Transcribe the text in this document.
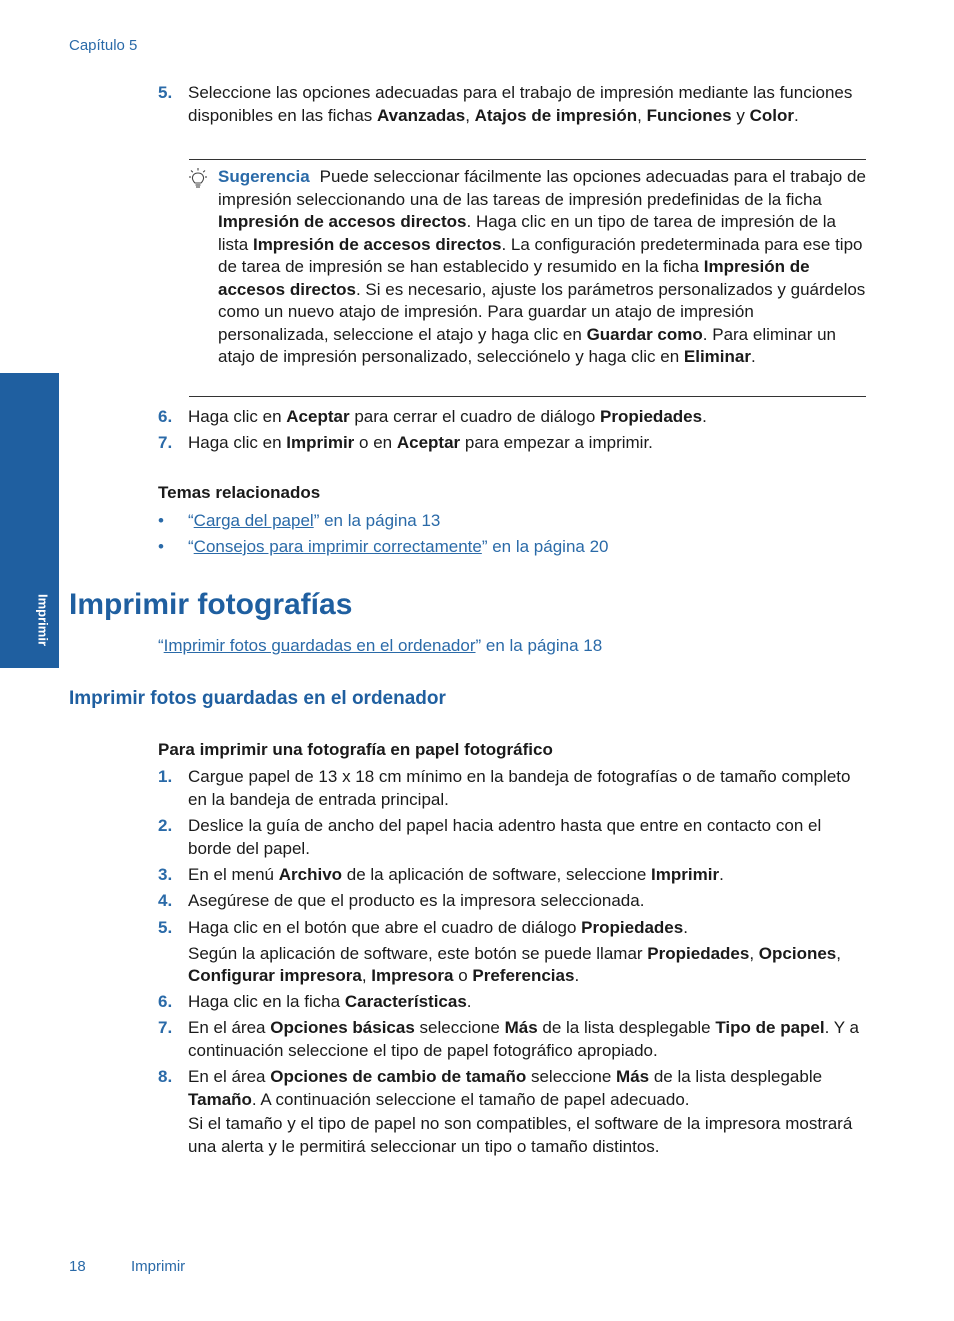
Capítulo 5
Imprimir
5. Seleccione las opciones adecuadas para el trabajo de impresión mediante las funciones disponibles en las fichas Avanzadas, Atajos de impresión, Funciones y Color.
Sugerencia Puede seleccionar fácilmente las opciones adecuadas para el trabajo de impresión seleccionando una de las tareas de impresión predefinidas de la ficha Impresión de accesos directos. Haga clic en un tipo de tarea de impresión de la lista Impresión de accesos directos. La configuración predeterminada para ese tipo de tarea de impresión se han establecido y resumido en la ficha Impresión de accesos directos. Si es necesario, ajuste los parámetros personalizados y guárdelos como un nuevo atajo de impresión. Para guardar un atajo de impresión personalizada, seleccione el atajo y haga clic en Guardar como. Para eliminar un atajo de impresión personalizado, selecciónelo y haga clic en Eliminar.
6. Haga clic en Aceptar para cerrar el cuadro de diálogo Propiedades.
7. Haga clic en Imprimir o en Aceptar para empezar a imprimir.
Temas relacionados
• “Carga del papel” en la página 13
• “Consejos para imprimir correctamente” en la página 20
Imprimir fotografías
“Imprimir fotos guardadas en el ordenador” en la página 18
Imprimir fotos guardadas en el ordenador
Para imprimir una fotografía en papel fotográfico
1. Cargue papel de 13 x 18 cm mínimo en la bandeja de fotografías o de tamaño completo en la bandeja de entrada principal.
2. Deslice la guía de ancho del papel hacia adentro hasta que entre en contacto con el borde del papel.
3. En el menú Archivo de la aplicación de software, seleccione Imprimir.
4. Asegúrese de que el producto es la impresora seleccionada.
5. Haga clic en el botón que abre el cuadro de diálogo Propiedades.
Según la aplicación de software, este botón se puede llamar Propiedades, Opciones, Configurar impresora, Impresora o Preferencias.
6. Haga clic en la ficha Características.
7. En el área Opciones básicas seleccione Más de la lista desplegable Tipo de papel. Y a continuación seleccione el tipo de papel fotográfico apropiado.
8. En el área Opciones de cambio de tamaño seleccione Más de la lista desplegable Tamaño. A continuación seleccione el tamaño de papel adecuado.
Si el tamaño y el tipo de papel no son compatibles, el software de la impresora mostrará una alerta y le permitirá seleccionar un tipo o tamaño distintos.
18	Imprimir
